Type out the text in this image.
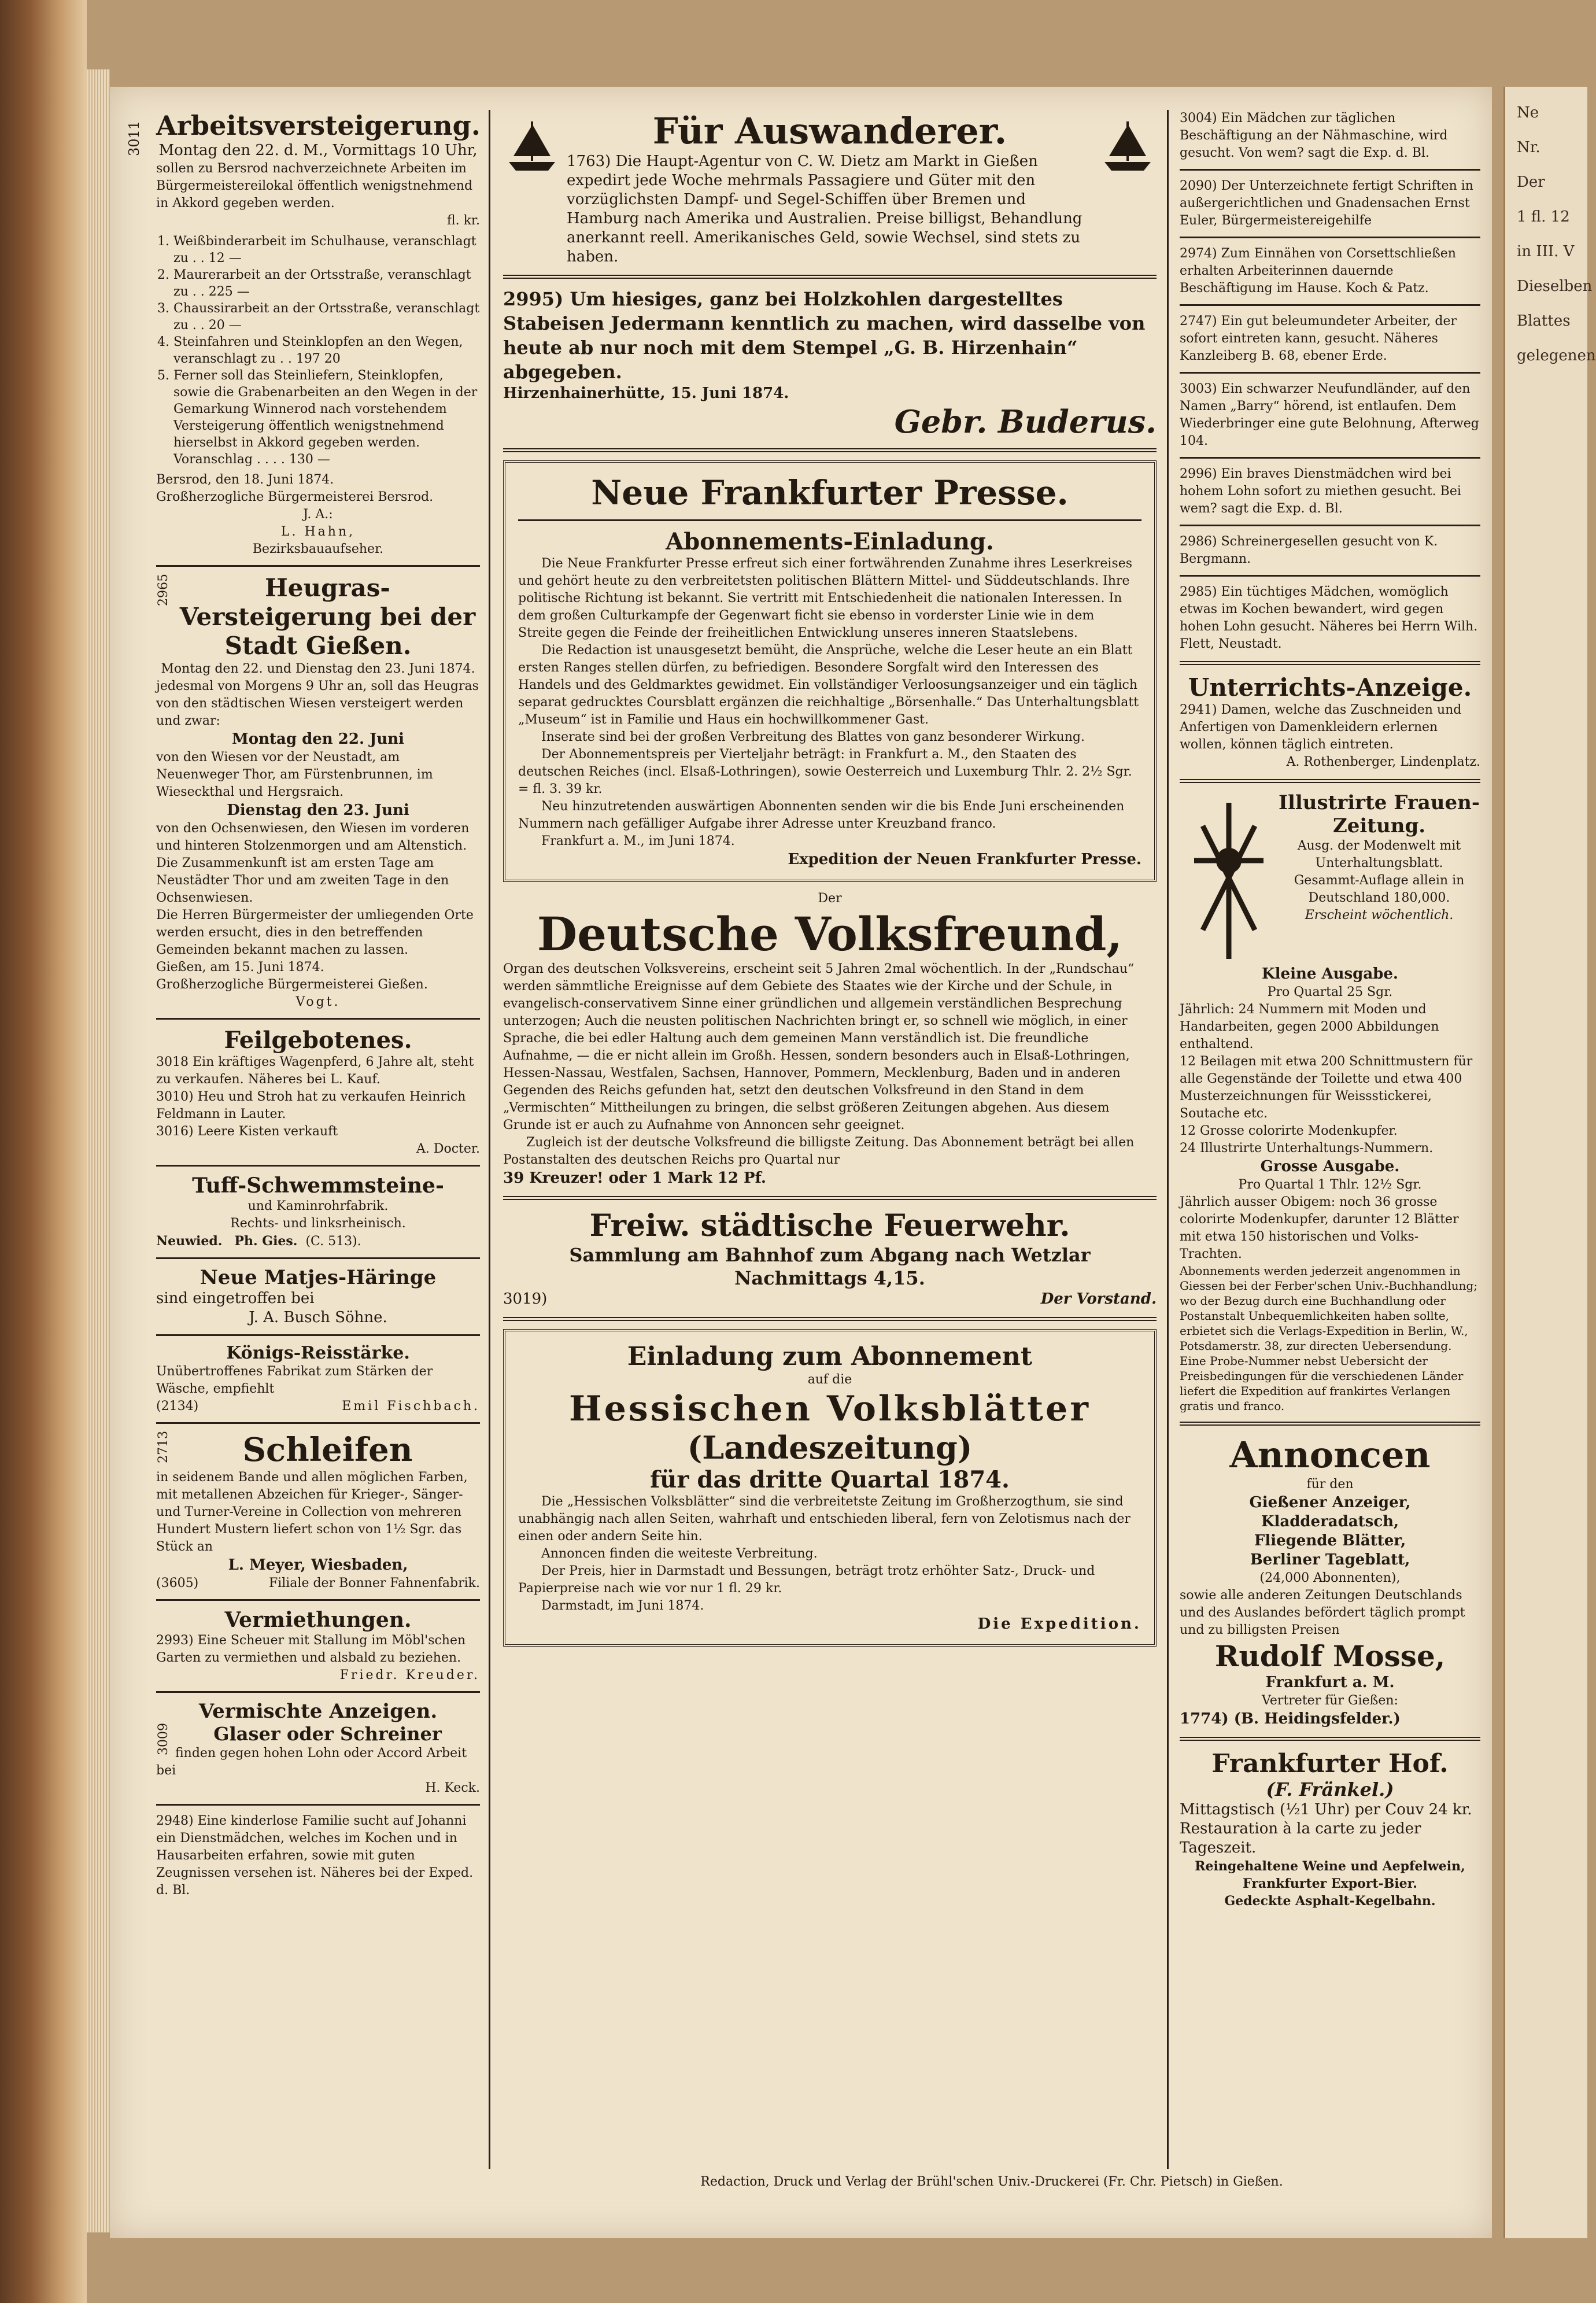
3011 Arbeitsversteigerung.
Montag den 22. d. M., Vormittags 10 Uhr,
sollen zu Bersrod nachverzeichnete Arbeiten im Bürgermeistereilokal öffentlich wenigstnehmend in Akkord gegeben werden.
fl. kr.
1. Weißbinderarbeit im Schulhause, veranschlagt zu . . 12 —
2. Maurerarbeit an der Ortsstraße, veranschlagt zu . . 225 —
3. Chaussirarbeit an der Ortsstraße, veranschlagt zu . . 20 —
4. Steinfahren und Steinklopfen an den Wegen, veranschlagt zu . . 197 20
5. Ferner soll das Steinliefern, Steinklopfen, sowie die Grabenarbeiten an den Wegen in der Gemarkung Winnerod nach vorstehendem Versteigerung öffentlich wenigstnehmend hierselbst in Akkord gegeben werden. Voranschlag . . . . 130 —
Bersrod, den 18. Juni 1874.
Großherzogliche Bürgermeisterei Bersrod.
J. A.:
L. Hahn,
Bezirksbauaufseher.
2965	Heugras-Versteigerung bei der Stadt Gießen.
Montag den 22. und Dienstag den 23. Juni 1874.
jedesmal von Morgens 9 Uhr an, soll das Heugras von den städtischen Wiesen versteigert werden und zwar:
Montag den 22. Juni
von den Wiesen vor der Neustadt, am Neuenweger Thor, am Fürstenbrunnen, im Wieseckthal und Hergsraich.
Dienstag den 23. Juni
von den Ochsenwiesen, den Wiesen im vorderen und hinteren Stolzenmorgen und am Altenstich.
Die Zusammenkunft ist am ersten Tage am Neustädter Thor und am zweiten Tage in den Ochsenwiesen.
Die Herren Bürgermeister der umliegenden Orte werden ersucht, dies in den betreffenden Gemeinden bekannt machen zu lassen.
Gießen, am 15. Juni 1874.
Großherzogliche Bürgermeisterei Gießen.
Vogt.
Feilgebotenes.
3018 Ein kräftiges Wagenpferd, 6 Jahre alt, steht zu verkaufen. Näheres bei L. Kauf.
3010) Heu und Stroh hat zu verkaufen Heinrich Feldmann in Lauter.
3016) Leere Kisten verkauft
A. Docter.
Tuff-Schwemmsteine-
und Kaminrohrfabrik.
Rechts- und linksrheinisch.
Neuwied. Ph. Gies. (C. 513).
Neue Matjes-Häringe
sind eingetroffen bei
J. A. Busch Söhne.
Königs-Reisstärke.
Unübertroffenes Fabrikat zum Stärken der Wäsche, empfiehlt
(2134)	Emil Fischbach.
2713	Schleifen
in seidenem Bande und allen möglichen Farben, mit metallenen Abzeichen für Krieger-, Sänger- und Turner-Vereine in Collection von mehreren Hundert Mustern liefert schon von 1½ Sgr. das Stück an
L. Meyer, Wiesbaden,
(3605)	Filiale der Bonner Fahnenfabrik.
Vermiethungen.
2993) Eine Scheuer mit Stallung im Möbl'schen Garten zu vermiethen und alsbald zu beziehen.
Friedr. Kreuder.
Vermischte Anzeigen.
3009	Glaser oder Schreiner
finden gegen hohen Lohn oder Accord Arbeit bei
H. Keck.
2948) Eine kinderlose Familie sucht auf Johanni ein Dienstmädchen, welches im Kochen und in Hausarbeiten erfahren, sowie mit guten Zeugnissen versehen ist. Näheres bei der Exped. d. Bl.
Für Auswanderer.
1763) Die Haupt-Agentur von C. W. Dietz am Markt in Gießen expedirt jede Woche mehrmals Passagiere und Güter mit den vorzüglichsten Dampf- und Segel-Schiffen über Bremen und Hamburg nach Amerika und Australien. Preise billigst, Behandlung anerkannt reell. Amerikanisches Geld, sowie Wechsel, sind stets zu haben.
2995) Um hiesiges, ganz bei Holzkohlen dargestelltes Stabeisen Jedermann kenntlich zu machen, wird dasselbe von heute ab nur noch mit dem Stempel „G. B. Hirzenhain“ abgegeben.
Hirzenhainerhütte, 15. Juni 1874.
Gebr. Buderus.
Neue Frankfurter Presse.
Abonnements-Einladung.
Die Neue Frankfurter Presse erfreut sich einer fortwährenden Zunahme ihres Leserkreises und gehört heute zu den verbreitetsten politischen Blättern Mittel- und Süddeutschlands. Ihre politische Richtung ist bekannt. Sie vertritt mit Entschiedenheit die nationalen Interessen. In dem großen Culturkampfe der Gegenwart ficht sie ebenso in vorderster Linie wie in dem Streite gegen die Feinde der freiheitlichen Entwicklung unseres inneren Staatslebens.
Die Redaction ist unausgesetzt bemüht, die Ansprüche, welche die Leser heute an ein Blatt ersten Ranges stellen dürfen, zu befriedigen. Besondere Sorgfalt wird den Interessen des Handels und des Geldmarktes gewidmet. Ein vollständiger Verloosungsanzeiger und ein täglich separat gedrucktes Coursblatt ergänzen die reichhaltige „Börsenhalle.“ Das Unterhaltungsblatt „Museum“ ist in Familie und Haus ein hochwillkommener Gast.
Inserate sind bei der großen Verbreitung des Blattes von ganz besonderer Wirkung.
Der Abonnementspreis per Vierteljahr beträgt: in Frankfurt a. M., den Staaten des deutschen Reiches (incl. Elsaß-Lothringen), sowie Oesterreich und Luxemburg Thlr. 2. 2½ Sgr. = fl. 3. 39 kr.
Neu hinzutretenden auswärtigen Abonnenten senden wir die bis Ende Juni erscheinenden Nummern nach gefälliger Aufgabe ihrer Adresse unter Kreuzband franco.
Frankfurt a. M., im Juni 1874.
Expedition der Neuen Frankfurter Presse.
Der
Deutsche Volksfreund,
Organ des deutschen Volksvereins, erscheint seit 5 Jahren 2mal wöchentlich. In der „Rundschau“ werden sämmtliche Ereignisse auf dem Gebiete des Staates wie der Kirche und der Schule, in evangelisch-conservativem Sinne einer gründlichen und allgemein verständlichen Besprechung unterzogen; Auch die neusten politischen Nachrichten bringt er, so schnell wie möglich, in einer Sprache, die bei edler Haltung auch dem gemeinen Mann verständlich ist. Die freundliche Aufnahme, — die er nicht allein im Großh. Hessen, sondern besonders auch in Elsaß-Lothringen, Hessen-Nassau, Westfalen, Sachsen, Hannover, Pommern, Mecklenburg, Baden und in anderen Gegenden des Reichs gefunden hat, setzt den deutschen Volksfreund in den Stand in dem „Vermischten“ Mittheilungen zu bringen, die selbst größeren Zeitungen abgehen. Aus diesem Grunde ist er auch zu Aufnahme von Annoncen sehr geeignet.
Zugleich ist der deutsche Volksfreund die billigste Zeitung. Das Abonnement beträgt bei allen Postanstalten des deutschen Reichs pro Quartal nur
39 Kreuzer! oder 1 Mark 12 Pf.
Freiw. städtische Feuerwehr.
Sammlung am Bahnhof zum Abgang nach Wetzlar Nachmittags 4,15.
3019)	Der Vorstand.
Einladung zum Abonnement
auf die
Hessischen Volksblätter
(Landeszeitung)
für das dritte Quartal 1874.
Die „Hessischen Volksblätter“ sind die verbreitetste Zeitung im Großherzogthum, sie sind unabhängig nach allen Seiten, wahrhaft und entschieden liberal, fern von Zelotismus nach der einen oder andern Seite hin.
Annoncen finden die weiteste Verbreitung.
Der Preis, hier in Darmstadt und Bessungen, beträgt trotz erhöhter Satz-, Druck- und Papierpreise nach wie vor nur 1 fl. 29 kr.
Darmstadt, im Juni 1874.
Die Expedition.
3004) Ein Mädchen zur täglichen Beschäftigung an der Nähmaschine, wird gesucht. Von wem? sagt die Exp. d. Bl.
2090) Der Unterzeichnete fertigt Schriften in außergerichtlichen und Gnadensachen Ernst Euler, Bürgermeistereigehilfe
2974) Zum Einnähen von Corsettschließen erhalten Arbeiterinnen dauernde Beschäftigung im Hause. Koch & Patz.
2747) Ein gut beleumundeter Arbeiter, der sofort eintreten kann, gesucht. Näheres Kanzleiberg B. 68, ebener Erde.
3003) Ein schwarzer Neufundländer, auf den Namen „Barry“ hörend, ist entlaufen. Dem Wiederbringer eine gute Belohnung, Afterweg 104.
2996) Ein braves Dienstmädchen wird bei hohem Lohn sofort zu miethen gesucht. Bei wem? sagt die Exp. d. Bl.
2986) Schreinergesellen gesucht von K. Bergmann.
2985) Ein tüchtiges Mädchen, womöglich etwas im Kochen bewandert, wird gegen hohen Lohn gesucht. Näheres bei Herrn Wilh. Flett, Neustadt.
Unterrichts-Anzeige.
2941) Damen, welche das Zuschneiden und Anfertigen von Damenkleidern erlernen wollen, können täglich eintreten.
A. Rothenberger, Lindenplatz.
Illustrirte Frauen-Zeitung.
Ausg. der Modenwelt mit Unterhaltungsblatt.
Gesammt-Auflage allein in Deutschland 180,000.
Erscheint wöchentlich.
Kleine Ausgabe.
Pro Quartal 25 Sgr.
Jährlich: 24 Nummern mit Moden und Handarbeiten, gegen 2000 Abbildungen enthaltend.
12 Beilagen mit etwa 200 Schnittmustern für alle Gegenstände der Toilette und etwa 400 Musterzeichnungen für Weissstickerei, Soutache etc.
12 Grosse colorirte Modenkupfer.
24 Illustrirte Unterhaltungs-Nummern.
Grosse Ausgabe.
Pro Quartal 1 Thlr. 12½ Sgr.
Jährlich ausser Obigem: noch 36 grosse colorirte Modenkupfer, darunter 12 Blätter mit etwa 150 historischen und Volks-Trachten.
Abonnements werden jederzeit angenommen in Giessen bei der Ferber'schen Univ.-Buchhandlung; wo der Bezug durch eine Buchhandlung oder Postanstalt Unbequemlichkeiten haben sollte, erbietet sich die Verlags-Expedition in Berlin, W., Potsdamerstr. 38, zur directen Uebersendung. Eine Probe-Nummer nebst Uebersicht der Preisbedingungen für die verschiedenen Länder liefert die Expedition auf frankirtes Verlangen gratis und franco.
Annoncen
für den
Gießener Anzeiger,
Kladderadatsch,
Fliegende Blätter,
Berliner Tageblatt,
(24,000 Abonnenten),
sowie alle anderen Zeitungen Deutschlands und des Auslandes befördert täglich prompt und zu billigsten Preisen
Rudolf Mosse,
Frankfurt a. M.
Vertreter für Gießen:
1774) (B. Heidingsfelder.)
Frankfurter Hof.
(F. Fränkel.)
Mittagstisch (½1 Uhr) per Couv 24 kr.
Restauration à la carte zu jeder Tageszeit.
Reingehaltene Weine und Aepfelwein, Frankfurter Export-Bier.
Gedeckte Asphalt-Kegelbahn.
Redaction, Druck und Verlag der Brühl'schen Univ.-Druckerei (Fr. Chr. Pietsch) in Gießen.
Ne
Nr.
Der
1 fl. 12
in III. V
Dieselben
Blattes
gelegenen
